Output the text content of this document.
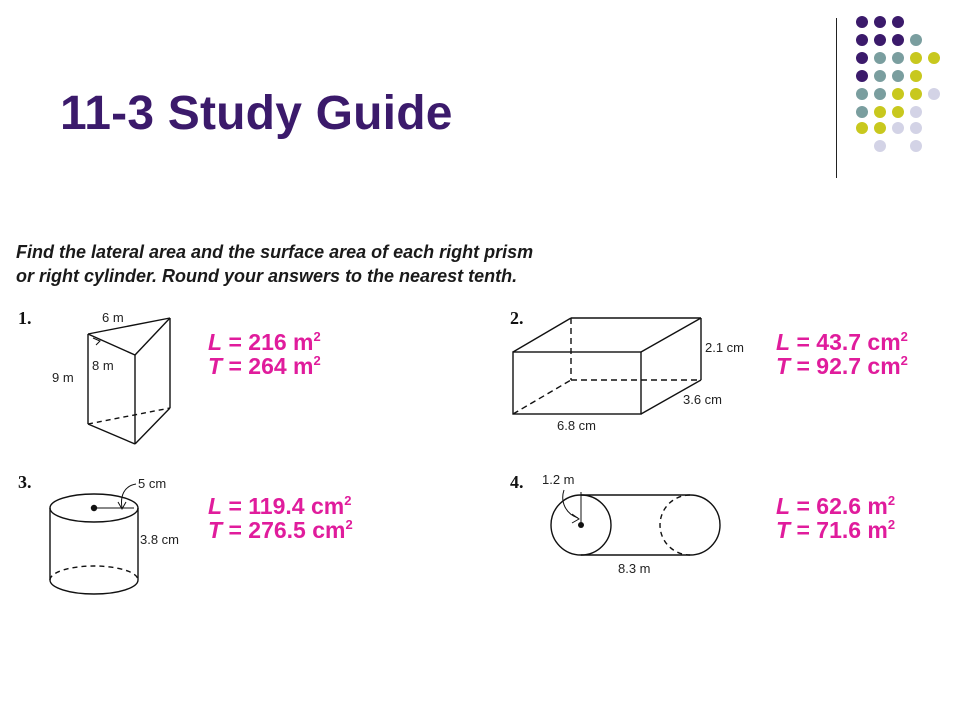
11-3 Study Guide
Find the lateral area and the surface area of each right prism
or right cylinder. Round your answers to the nearest tenth.
1.	6 m
8 m
9 m
L = 216 $m^2$
T = 264 $m^2$
2.
2.1 cm
3.6 cm
6.8 cm
L = 43.7 $cm^2$
T = 92.7 $cm^2$
3.	5 cm
3.8 cm
L = 119.4 $cm^2$
T = 276.5 $cm^2$
4. 1.2 m
8.3 m
L = 62.6 $m^2$
T = 71.6 $m^2$
